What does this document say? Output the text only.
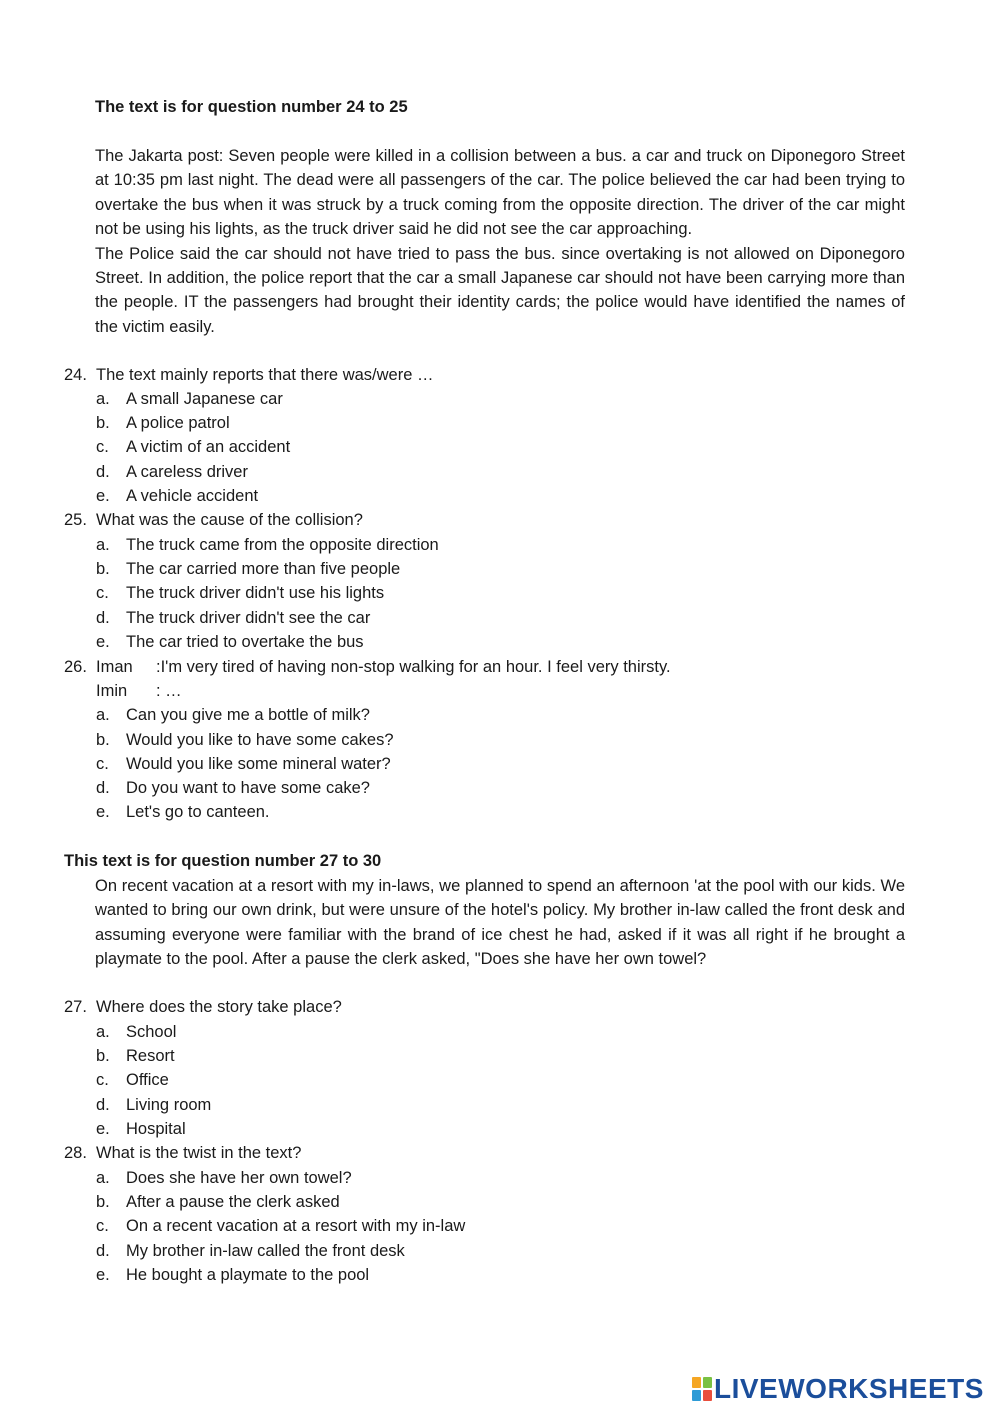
The text is for question number 24 to 25

The Jakarta post: Seven people were killed in a collision between a bus. a car and truck on Diponegoro Street at 10:35 pm last night. The dead were all passengers of the car. The police believed the car had been trying to overtake the bus when it was struck by a truck coming from the opposite direction. The driver of the car might not be using his lights, as the truck driver said he did not see the car approaching.

The Police said the car should not have tried to pass the bus. since overtaking is not allowed on Diponegoro Street. In addition, the police report that the car a small Japanese car should not have been carrying more than the people. IT the passengers had brought their identity cards; the police would have identified the names of the victim easily.

24. The text mainly reports that there was/were …
a. A small Japanese car
b. A police patrol
c. A victim of an accident
d. A careless driver
e. A vehicle accident
25. What was the cause of the collision?
a. The truck came from the opposite direction
b. The car carried more than five people
c. The truck driver didn't use his lights
d. The truck driver didn't see the car
e. The car tried to overtake the bus
26. Iman :I'm very tired of having non-stop walking for an hour. I feel very thirsty.
Imin : …
a. Can you give me a bottle of milk?
b. Would you like to have some cakes?
c. Would you like some mineral water?
d. Do you want to have some cake?
e. Let's go to canteen.
This text is for question number 27 to 30

On recent vacation at a resort with my in-laws, we planned to spend an afternoon 'at the pool with our kids. We wanted to bring our own drink, but were unsure of the hotel's policy. My brother in-law called the front desk and assuming everyone were familiar with the brand of ice chest he had, asked if it was all right if he brought a playmate to the pool. After a pause the clerk asked, "Does she have her own towel?

27. Where does the story take place?
a. School
b. Resort
c. Office
d. Living room
e. Hospital
28. What is the twist in the text?
a. Does she have her own towel?
b. After a pause the clerk asked
c. On a recent vacation at a resort with my in-law
d. My brother in-law called the front desk
e. He bought a playmate to the pool
LIVEWORKSHEETS
